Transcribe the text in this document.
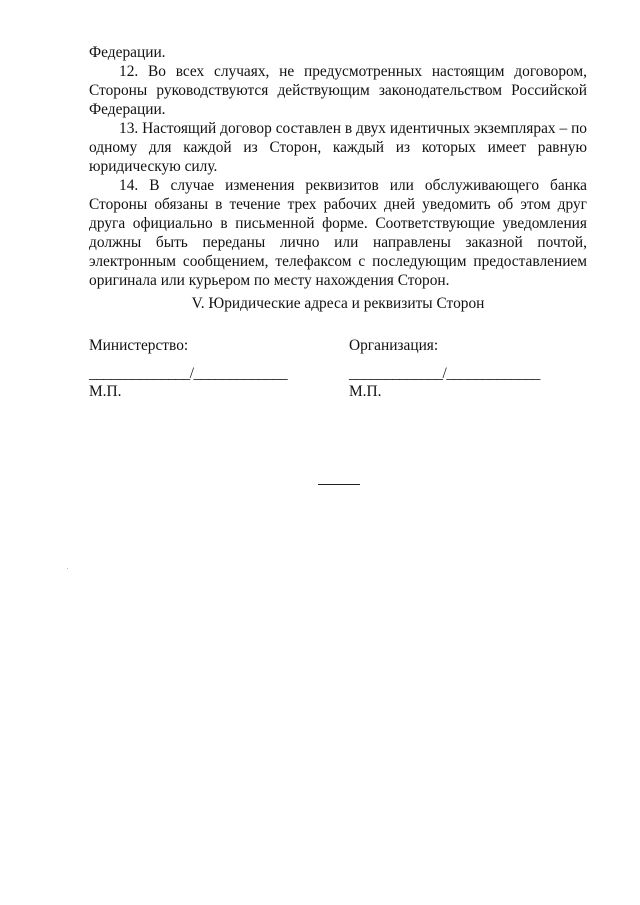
Федерации.

12. Во всех случаях, не предусмотренных настоящим договором, Стороны руководствуются действующим законодательством Российской Федерации.

13. Настоящий договор составлен в двух идентичных экземплярах – по одному для каждой из Сторон, каждый из которых имеет равную юридическую силу.

14. В случае изменения реквизитов или обслуживающего банка Стороны обязаны в течение трех рабочих дней уведомить об этом друг друга официально в письменной форме. Соответствующие уведомления должны быть переданы лично или направлены заказной почтой, электронным сообщением, телефаксом с последующим предоставлением оригинала или курьером по месту нахождения Сторон.

V. Юридические адреса и реквизиты Сторон

Министерство:	Организация:

______________/_____________	_____________/_____________

М.П.	М.П.
